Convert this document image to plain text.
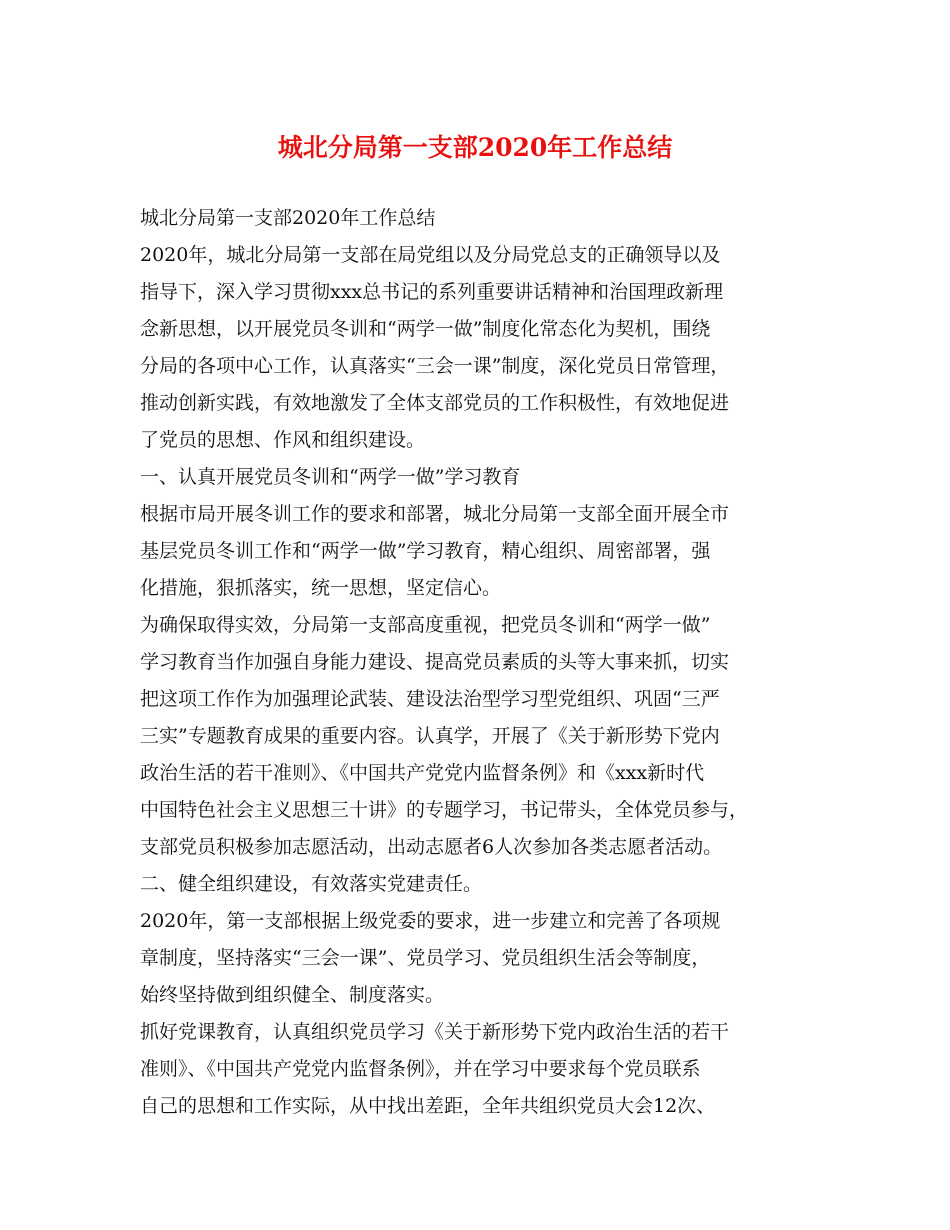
城北分局第一支部2020年工作总结
城北分局第一支部2020年工作总结
2020年，城北分局第一支部在局党组以及分局党总支的正确领导以及
指导下，深入学习贯彻xxx总书记的系列重要讲话精神和治国理政新理
念新思想，以开展党员冬训和“两学一做”制度化常态化为契机，围绕
分局的各项中心工作，认真落实“三会一课”制度，深化党员日常管理，
推动创新实践，有效地激发了全体支部党员的工作积极性，有效地促进
了党员的思想、作风和组织建设。
一、认真开展党员冬训和“两学一做”学习教育
根据市局开展冬训工作的要求和部署，城北分局第一支部全面开展全市
基层党员冬训工作和“两学一做”学习教育，精心组织、周密部署，强
化措施，狠抓落实，统一思想，坚定信心。
为确保取得实效，分局第一支部高度重视，把党员冬训和“两学一做”
学习教育当作加强自身能力建设、提高党员素质的头等大事来抓，切实
把这项工作作为加强理论武装、建设法治型学习型党组织、巩固“三严
三实”专题教育成果的重要内容。认真学，开展了《关于新形势下党内
政治生活的若干准则》、《中国共产党党内监督条例》和《xxx新时代
中国特色社会主义思想三十讲》的专题学习，书记带头，全体党员参与，
支部党员积极参加志愿活动，出动志愿者6人次参加各类志愿者活动。
二、健全组织建设，有效落实党建责任。
2020年，第一支部根据上级党委的要求，进一步建立和完善了各项规
章制度，坚持落实“三会一课”、党员学习、党员组织生活会等制度，
始终坚持做到组织健全、制度落实。
抓好党课教育，认真组织党员学习《关于新形势下党内政治生活的若干
准则》、《中国共产党党内监督条例》，并在学习中要求每个党员联系
自己的思想和工作实际，从中找出差距，全年共组织党员大会12次、
